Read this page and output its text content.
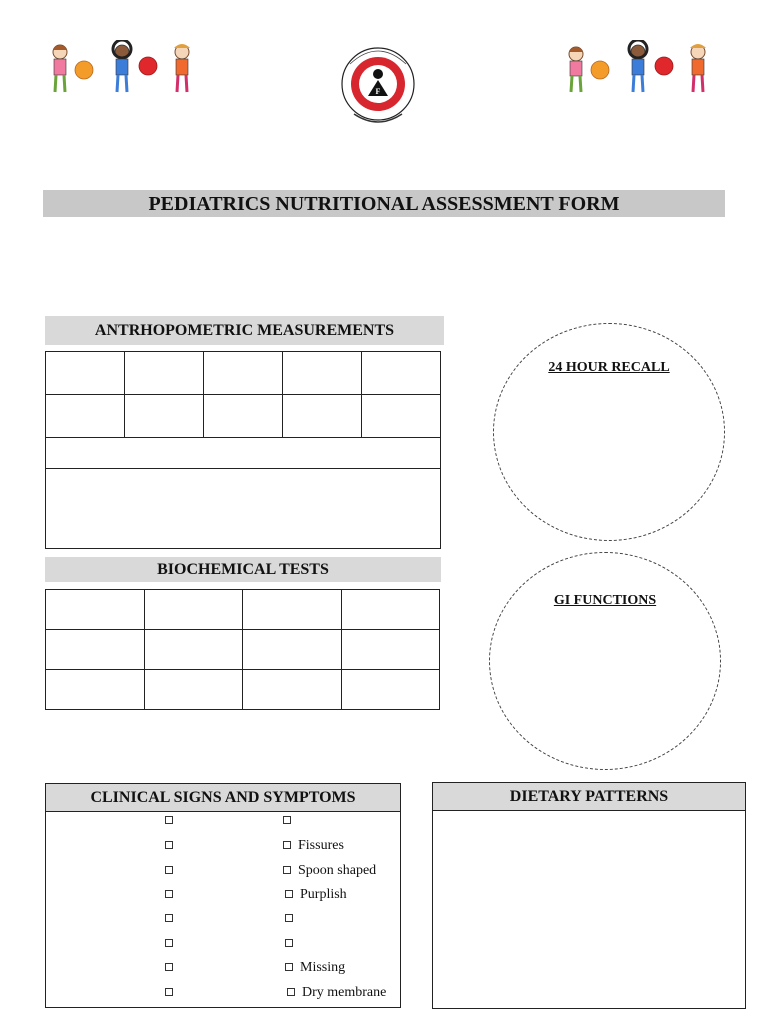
F
PEDIATRICS NUTRITIONAL ASSESSMENT FORM
ANTRHOPOMETRIC MEASUREMENTS

BIOCHEMICAL TESTS

24 HOUR RECALL
GI FUNCTIONS
CLINICAL SIGNS AND SYMPTOMS
Fissures
Spoon shaped
Purplish
Missing
Dry membrane
DIETARY PATTERNS
